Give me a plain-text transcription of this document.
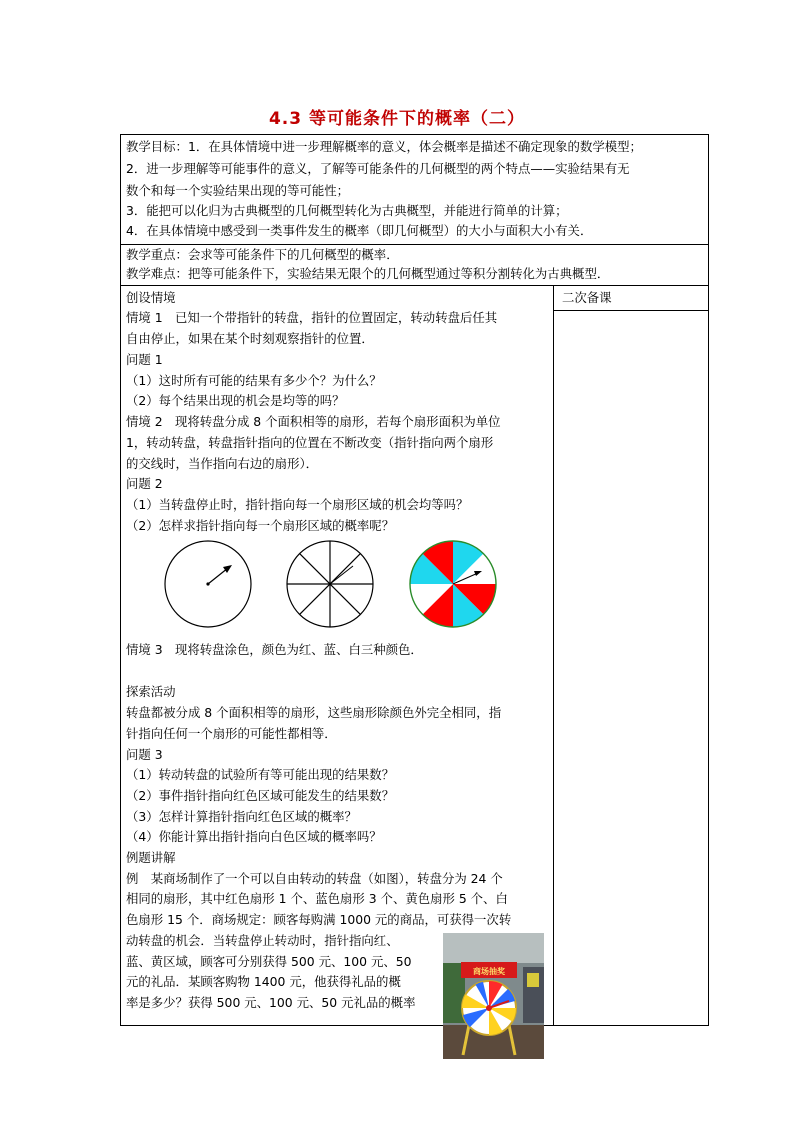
4.3 等可能条件下的概率（二）
教学目标：1．在具体情境中进一步理解概率的意义，体会概率是描述不确定现象的数学模型；
2．进一步理解等可能事件的意义，了解等可能条件的几何概型的两个特点——实验结果有无
数个和每一个实验结果出现的等可能性；
3．能把可以化归为古典概型的几何概型转化为古典概型，并能进行简单的计算；
4．在具体情境中感受到一类事件发生的概率（即几何概型）的大小与面积大小有关．
教学重点：会求等可能条件下的几何概型的概率．
教学难点：把等可能条件下，实验结果无限个的几何概型通过等积分割转化为古典概型．
二次备课
创设情境
情境 1　已知一个带指针的转盘，指针的位置固定，转动转盘后任其
自由停止，如果在某个时刻观察指针的位置．
问题 1
（1）这时所有可能的结果有多少个？为什么？
（2）每个结果出现的机会是均等的吗？
情境 2　现将转盘分成 8 个面积相等的扇形，若每个扇形面积为单位
1，转动转盘，转盘指针指向的位置在不断改变（指针指向两个扇形
的交线时，当作指向右边的扇形）．
问题 2
（1）当转盘停止时，指针指向每一个扇形区域的机会均等吗？
（2）怎样求指针指向每一个扇形区域的概率呢？
情境 3　现将转盘涂色，颜色为红、蓝、白三种颜色．
探索活动
转盘都被分成 8 个面积相等的扇形，这些扇形除颜色外完全相同，指
针指向任何一个扇形的可能性都相等．
问题 3
（1）转动转盘的试验所有等可能出现的结果数？
（2）事件指针指向红色区域可能发生的结果数？
（3）怎样计算指针指向红色区域的概率？
（4）你能计算出指针指向白色区域的概率吗？
例题讲解
例　某商场制作了一个可以自由转动的转盘（如图），转盘分为 24 个
相同的扇形，其中红色扇形 1 个、蓝色扇形 3 个、黄色扇形 5 个、白
色扇形 15 个．商场规定：顾客每购满 1000 元的商品，可获得一次转
动转盘的机会．当转盘停止转动时，指针指向红、
蓝、黄区域，顾客可分别获得 500 元、100 元、50
元的礼品．某顾客购物 1400 元，他获得礼品的概
率是多少？获得 500 元、100 元、50 元礼品的概率
商场抽奖
